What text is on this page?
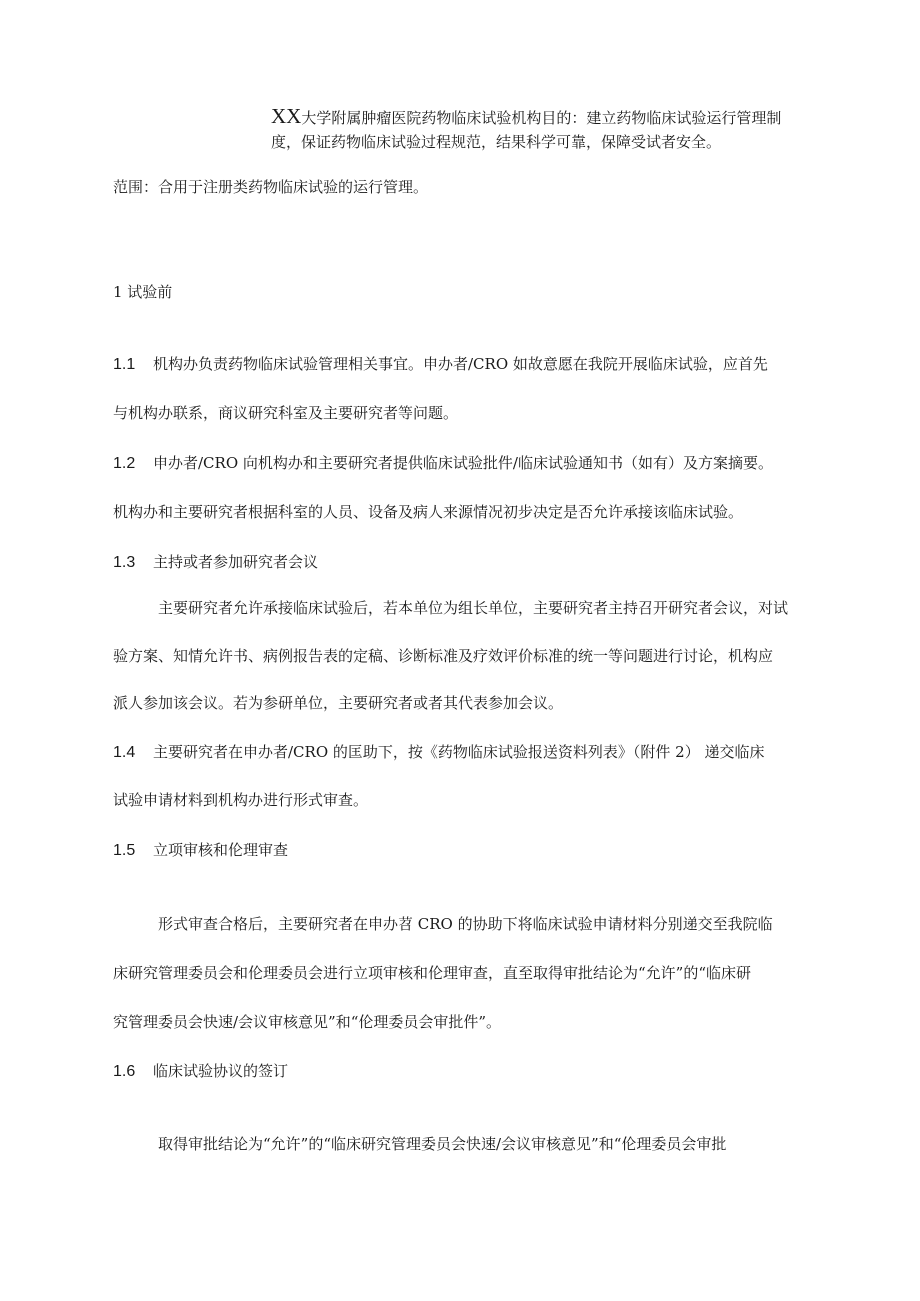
XX大学附属肿瘤医院药物临床试验机构目的：建立药物临床试验运行管理制
度，保证药物临床试验过程规范，结果科学可靠，保障受试者安全。
范围：合用于注册类药物临床试验的运行管理。
1 试验前
1.1 机构办负责药物临床试验管理相关事宜。申办者/CRO 如故意愿在我院开展临床试验，应首先
与机构办联系，商议研究科室及主要研究者等问题。
1.2 申办者/CRO 向机构办和主要研究者提供临床试验批件/临床试验通知书（如有）及方案摘要。
机构办和主要研究者根据科室的人员、设备及病人来源情况初步决定是否允许承接该临床试验。
1.3 主持或者参加研究者会议
主要研究者允许承接临床试验后，若本单位为组长单位，主要研究者主持召开研究者会议，对试
验方案、知情允许书、病例报告表的定稿、诊断标准及疗效评价标准的统一等问题进行讨论，机构应
派人参加该会议。若为参研单位，主要研究者或者其代表参加会议。
1.4 主要研究者在申办者/CRO 的匡助下，按《药物临床试验报送资料列表》（附件 2） 递交临床
试验申请材料到机构办进行形式审查。
1.5 立项审核和伦理审查
形式审查合格后，主要研究者在申办苕 CRO 的协助下将临床试验申请材料分别递交至我院临
床研究管理委员会和伦理委员会进行立项审核和伦理审查，直至取得审批结论为“允许”的“临床研
究管理委员会快速/会议审核意见”和“伦理委员会审批件”。
1.6 临床试验协议的签订
取得审批结论为“允许”的“临床研究管理委员会快速/会议审核意见”和“伦理委员会审批
